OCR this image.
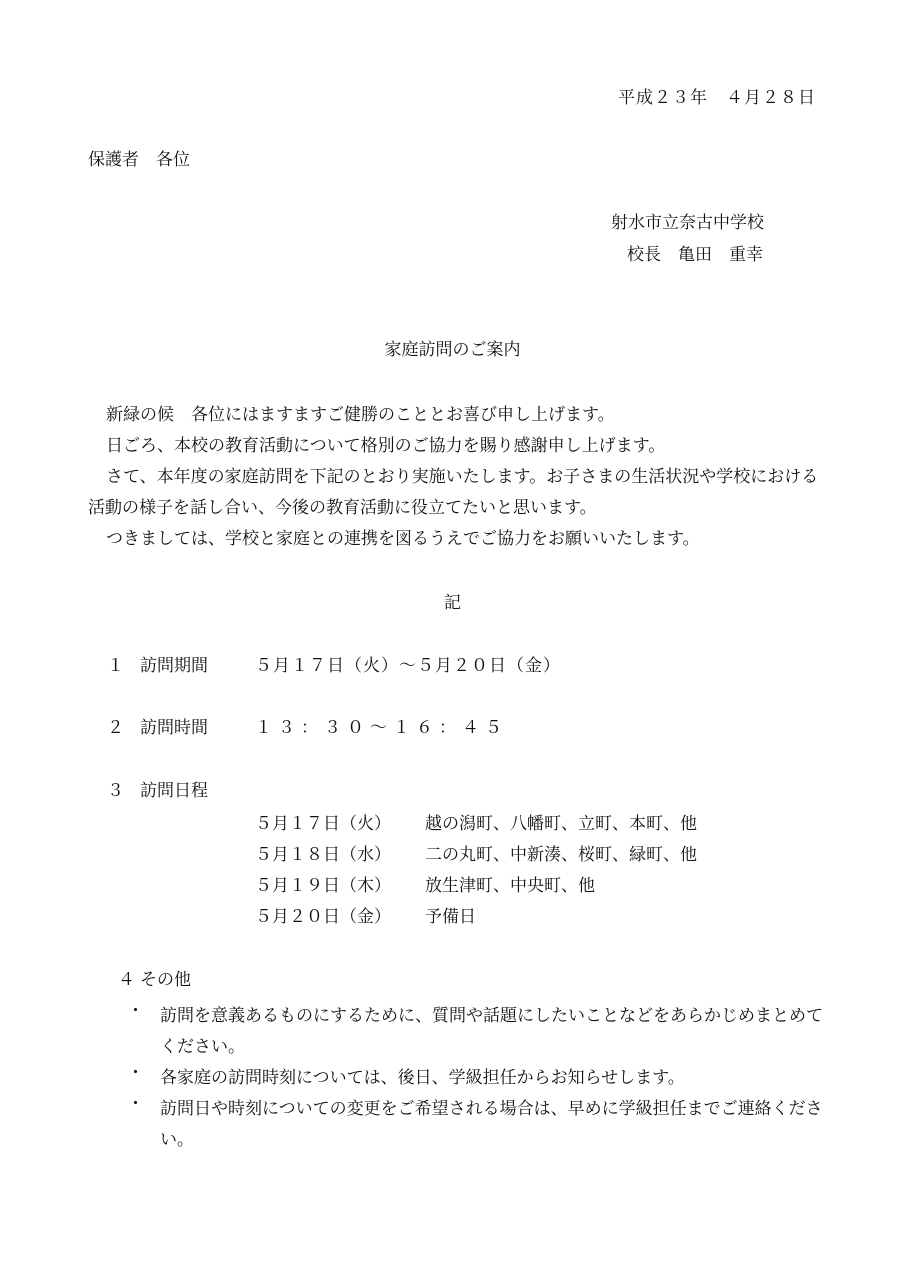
平成２３年　４月２８日
保護者　各位
射水市立奈古中学校
校長　亀田　重幸
家庭訪問のご案内
新緑の候　各位にはますますご健勝のこととお喜び申し上げます。
日ごろ、本校の教育活動について格別のご協力を賜り感謝申し上げます。
さて、本年度の家庭訪問を下記のとおり実施いたします。お子さまの生活状況や学校における活動の様子を話し合い、今後の教育活動に役立てたいと思います。
つきましては、学校と家庭との連携を図るうえでご協力をお願いいたします。
記
１ 訪問期間	５月１７日（火）～５月２０日（金）
２ 訪問時間	１３：３０～１６：４５
３ 訪問日程
５月１７日（火） 越の潟町、八幡町、立町、本町、他
５月１８日（水） 二の丸町、中新湊、桜町、緑町、他
５月１９日（木） 放生津町、中央町、他
５月２０日（金） 予備日
４ その他
・ 訪問を意義あるものにするために、質問や話題にしたいことなどをあらかじめまとめてください。
・ 各家庭の訪問時刻については、後日、学級担任からお知らせします。
・ 訪問日や時刻についての変更をご希望される場合は、早めに学級担任までご連絡ください。
